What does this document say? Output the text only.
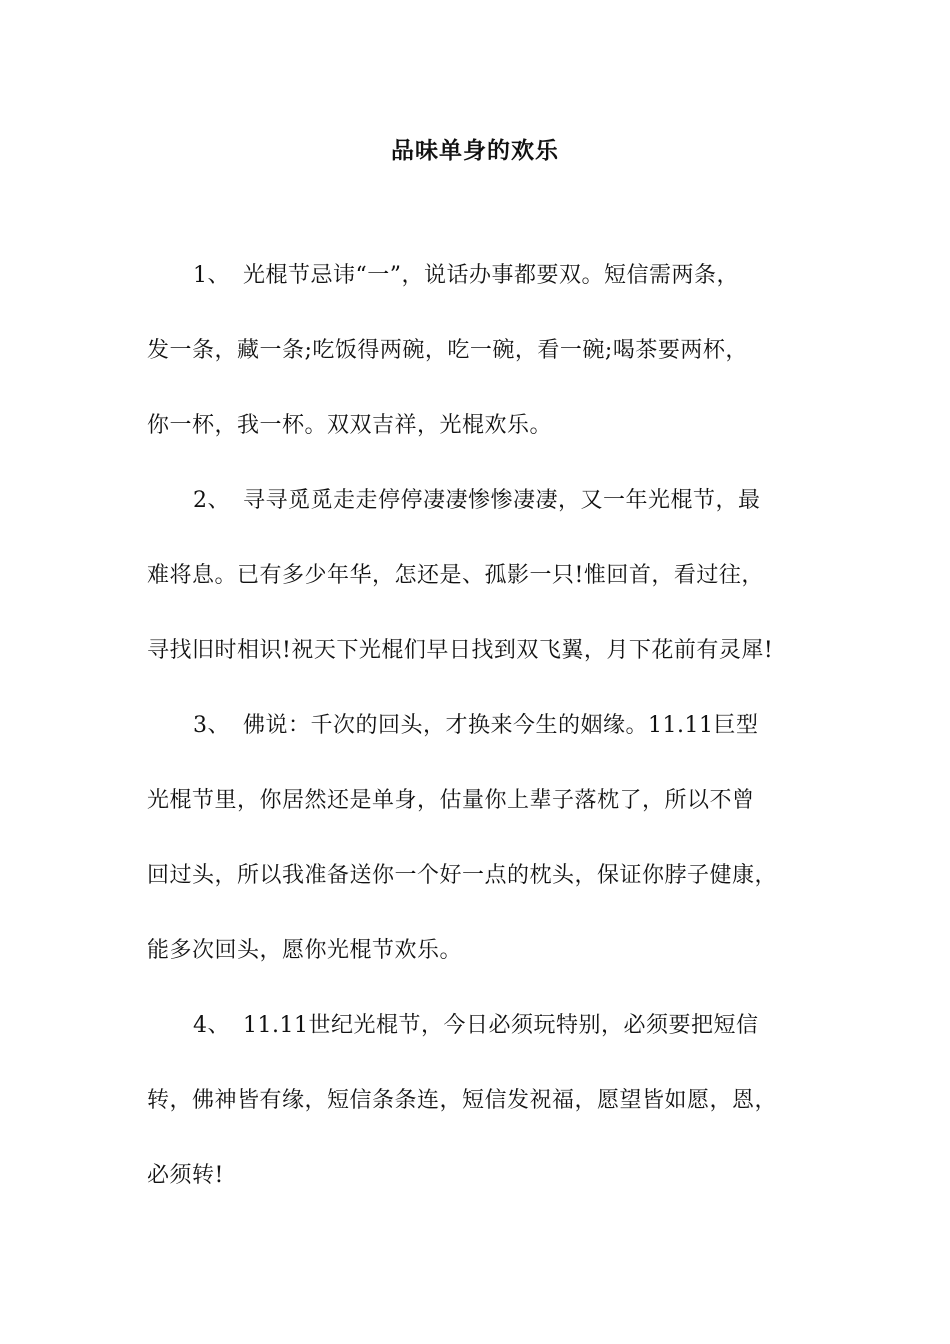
品味单身的欢乐
1、 光棍节忌讳“一”，说话办事都要双。短信需两条，
发一条，藏一条;吃饭得两碗，吃一碗，看一碗;喝茶要两杯，
你一杯，我一杯。双双吉祥，光棍欢乐。
2、 寻寻觅觅走走停停凄凄惨惨凄凄，又一年光棍节，最
难将息。已有多少年华，怎还是、孤影一只!惟回首，看过往，
寻找旧时相识!祝天下光棍们早日找到双飞翼，月下花前有灵犀!
3、 佛说：千次的回头，才换来今生的姻缘。11.11巨型
光棍节里，你居然还是单身，估量你上辈子落枕了，所以不曾
回过头，所以我准备送你一个好一点的枕头，保证你脖子健康，
能多次回头，愿你光棍节欢乐。
4、 11.11世纪光棍节，今日必须玩特别，必须要把短信
转，佛神皆有缘，短信条条连，短信发祝福，愿望皆如愿，恩，
必须转!
